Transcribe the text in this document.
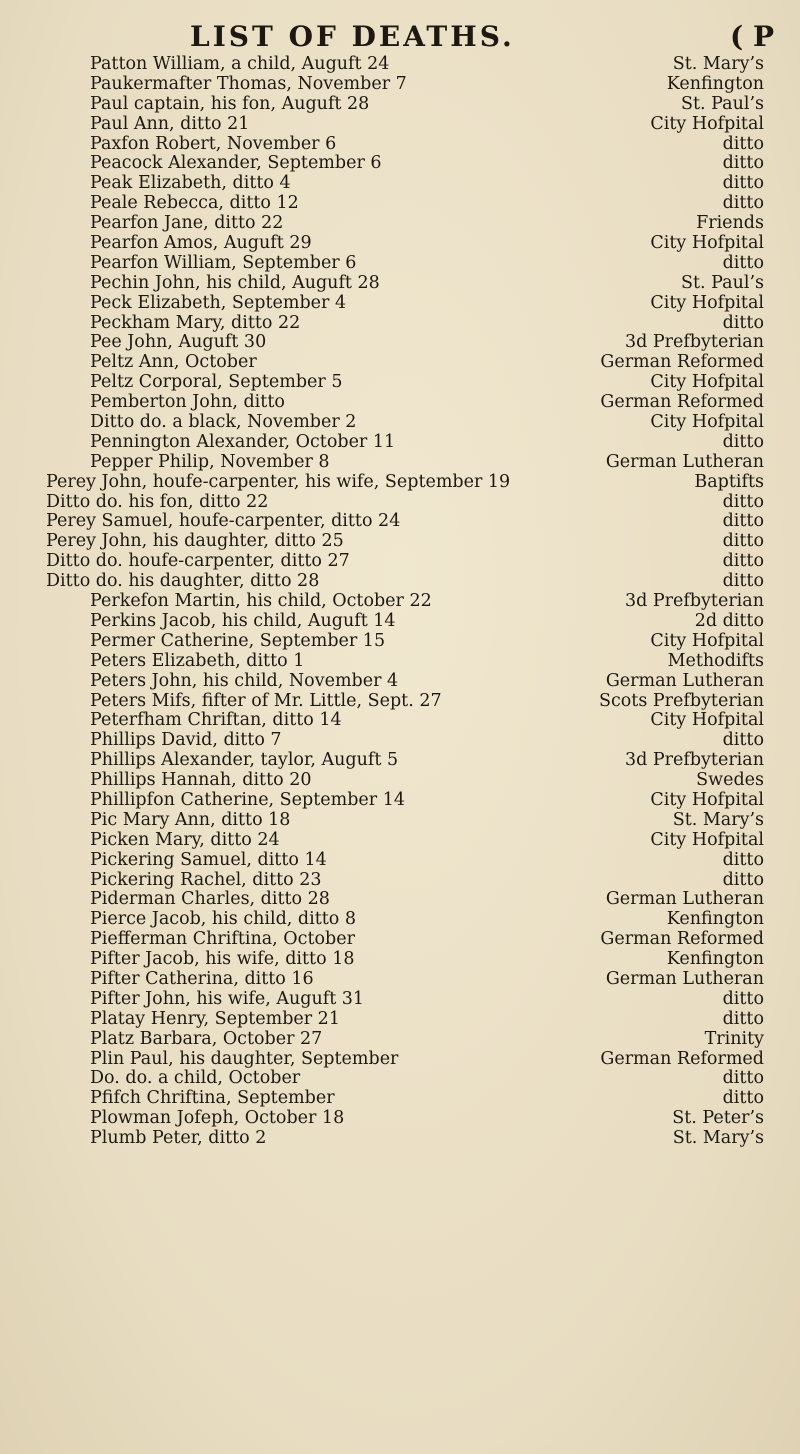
LIST OF DEATHS.	( P
Patton William, a child, Auguft 24	St. Mary’s
Paukermafter Thomas, November 7	Kenfington
Paul captain, his fon, Auguft 28	St. Paul’s
Paul Ann, ditto 21	City Hofpital
Paxfon Robert, November 6	ditto
Peacock Alexander, September 6	ditto
Peak Elizabeth, ditto 4	ditto
Peale Rebecca, ditto 12	ditto
Pearfon Jane, ditto 22	Friends
Pearfon Amos, Auguft 29	City Hofpital
Pearfon William, September 6	ditto
Pechin John, his child, Auguft 28	St. Paul’s
Peck Elizabeth, September 4	City Hofpital
Peckham Mary, ditto 22	ditto
Pee John, Auguft 30	3d Prefbyterian
Peltz Ann, October	German Reformed
Peltz Corporal, September 5	City Hofpital
Pemberton John, ditto	German Reformed
Ditto do. a black, November 2	City Hofpital
Pennington Alexander, October 11	ditto
Pepper Philip, November 8	German Lutheran
Perey John, houfe-carpenter, his wife, September 19	Baptifts
Ditto do. his fon, ditto 22	ditto
Perey Samuel, houfe-carpenter, ditto 24	ditto
Perey John, his daughter, ditto 25	ditto
Ditto do. houfe-carpenter, ditto 27	ditto
Ditto do. his daughter, ditto 28	ditto
Perkefon Martin, his child, October 22	3d Prefbyterian
Perkins Jacob, his child, Auguft 14	2d ditto
Permer Catherine, September 15	City Hofpital
Peters Elizabeth, ditto 1	Methodifts
Peters John, his child, November 4	German Lutheran
Peters Mifs, fifter of Mr. Little, Sept. 27	Scots Prefbyterian
Peterfham Chriftan, ditto 14	City Hofpital
Phillips David, ditto 7	ditto
Phillips Alexander, taylor, Auguft 5	3d Prefbyterian
Phillips Hannah, ditto 20	Swedes
Phillipfon Catherine, September 14	City Hofpital
Pic Mary Ann, ditto 18	St. Mary’s
Picken Mary, ditto 24	City Hofpital
Pickering Samuel, ditto 14	ditto
Pickering Rachel, ditto 23	ditto
Piderman Charles, ditto 28	German Lutheran
Pierce Jacob, his child, ditto 8	Kenfington
Piefferman Chriftina, October	German Reformed
Pifter Jacob, his wife, ditto 18	Kenfington
Pifter Catherina, ditto 16	German Lutheran
Pifter John, his wife, Auguft 31	ditto
Platay Henry, September 21	ditto
Platz Barbara, October 27	Trinity
Plin Paul, his daughter, September	German Reformed
Do. do. a child, October	ditto
Pfifch Chriftina, September	ditto
Plowman Jofeph, October 18	St. Peter’s
Plumb Peter, ditto 2	St. Mary’s
